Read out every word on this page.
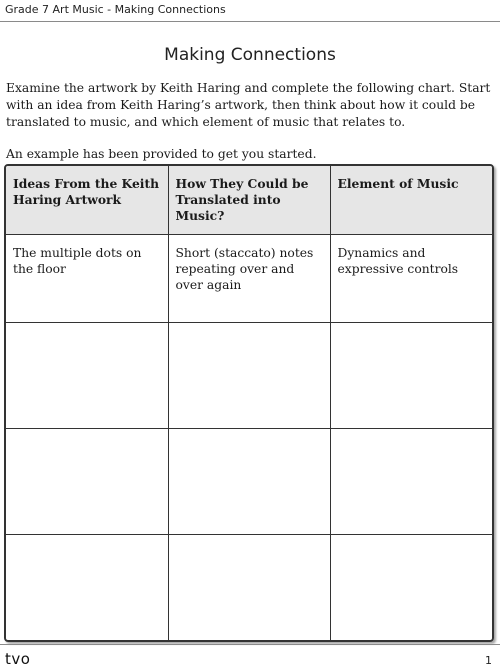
Grade 7 Art Music - Making Connections
Making Connections
Examine the artwork by Keith Haring and complete the following chart. Start with an idea from Keith Haring’s artwork, then think about how it could be translated to music, and which element of music that relates to.
An example has been provided to get you started.
Ideas From the Keith Haring Artwork	How They Could be Translated into Music?	Element of Music
The multiple dots on the floor	Short (staccato) notes repeating over and over again	Dynamics and expressive controls

tvo	1
